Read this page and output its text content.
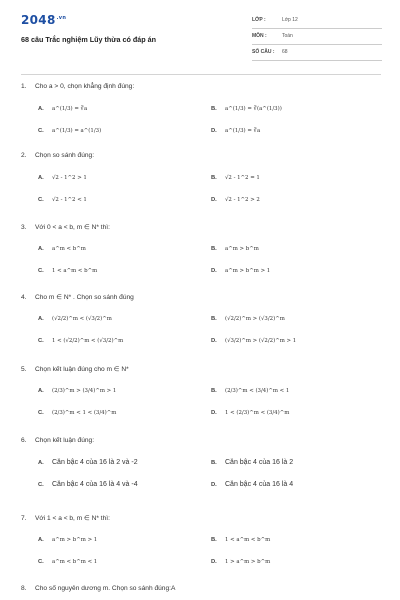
$2048^{.vn}$
68 câu Trắc nghiệm Lũy thừa có đáp án
LỚP :	Lớp 12
MÔN :	Toán
SỐ CÂU : 68
1. Cho a > 0, chọn khẳng định đúng:
A. a^(1/3) = ∛a	B. a^(1/3) = ∛(a^(1/3))
C. a^(1/3) = a^(1/3)	D. a^(1/3) = ∛a
2. Chọn so sánh đúng:
A. √2 - 1^2 > 1	B. √2 - 1^2 = 1
C. √2 - 1^2 < 1	D. √2 - 1^2 > 2
3. Với 0 < a < b, m ∈ N* thì:
A. a^m < b^m	B. a^m > b^m
C. 1 < a^m < b^m	D. a^m > b^m > 1
4. Cho m ∈ N* . Chọn so sánh đúng
A. (√2/2)^m < (√3/2)^m	B. (√2/2)^m > (√3/2)^m
C. 1 < (√2/2)^m < (√3/2)^m	D. (√3/2)^m > (√2/2)^m > 1
5. Chọn kết luận đúng cho m ∈ N*
A. (2/3)^m > (3/4)^m > 1	B. (2/3)^m < (3/4)^m < 1
C. (2/3)^m < 1 < (3/4)^m	D. 1 < (2/3)^m < (3/4)^m
6. Chọn kết luận đúng:
A. Căn bậc 4 của 16 là 2 và -2	B. Căn bậc 4 của 16 là 2
C. Căn bậc 4 của 16 là 4 và -4	D. Căn bậc 4 của 16 là 4
7. Với 1 < a < b, m ∈ N* thì:
A. a^m > b^m > 1	B. 1 < a^m < b^m
C. a^m < b^m < 1	D. 1 > a^m > b^m
8. Cho số nguyên dương m. Chọn so sánh đúng:A
